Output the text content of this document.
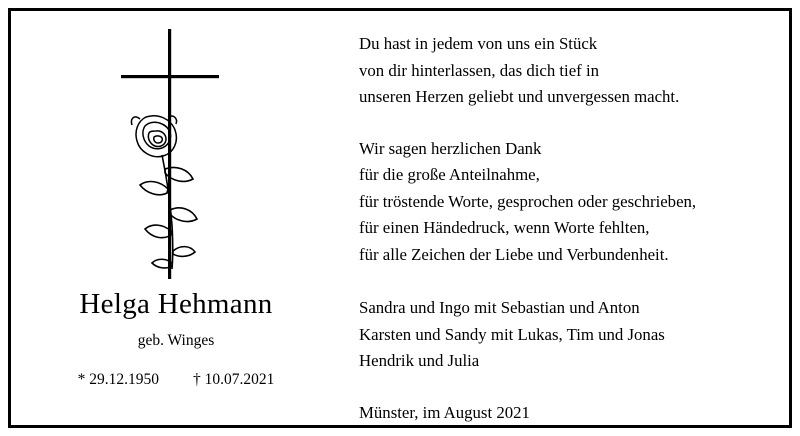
Helga Hehmann
geb. Winges
* 29.12.1950 † 10.07.2021

Du hast in jedem von uns ein Stück

von dir hinterlassen, das dich tief in

unseren Herzen geliebt und unvergessen macht.

Wir sagen herzlichen Dank

für die große Anteilnahme,

für tröstende Worte, gesprochen oder geschrieben,

für einen Händedruck, wenn Worte fehlten,

für alle Zeichen der Liebe und Verbundenheit.

Sandra und Ingo mit Sebastian und Anton

Karsten und Sandy mit Lukas, Tim und Jonas

Hendrik und Julia

Münster, im August 2021
